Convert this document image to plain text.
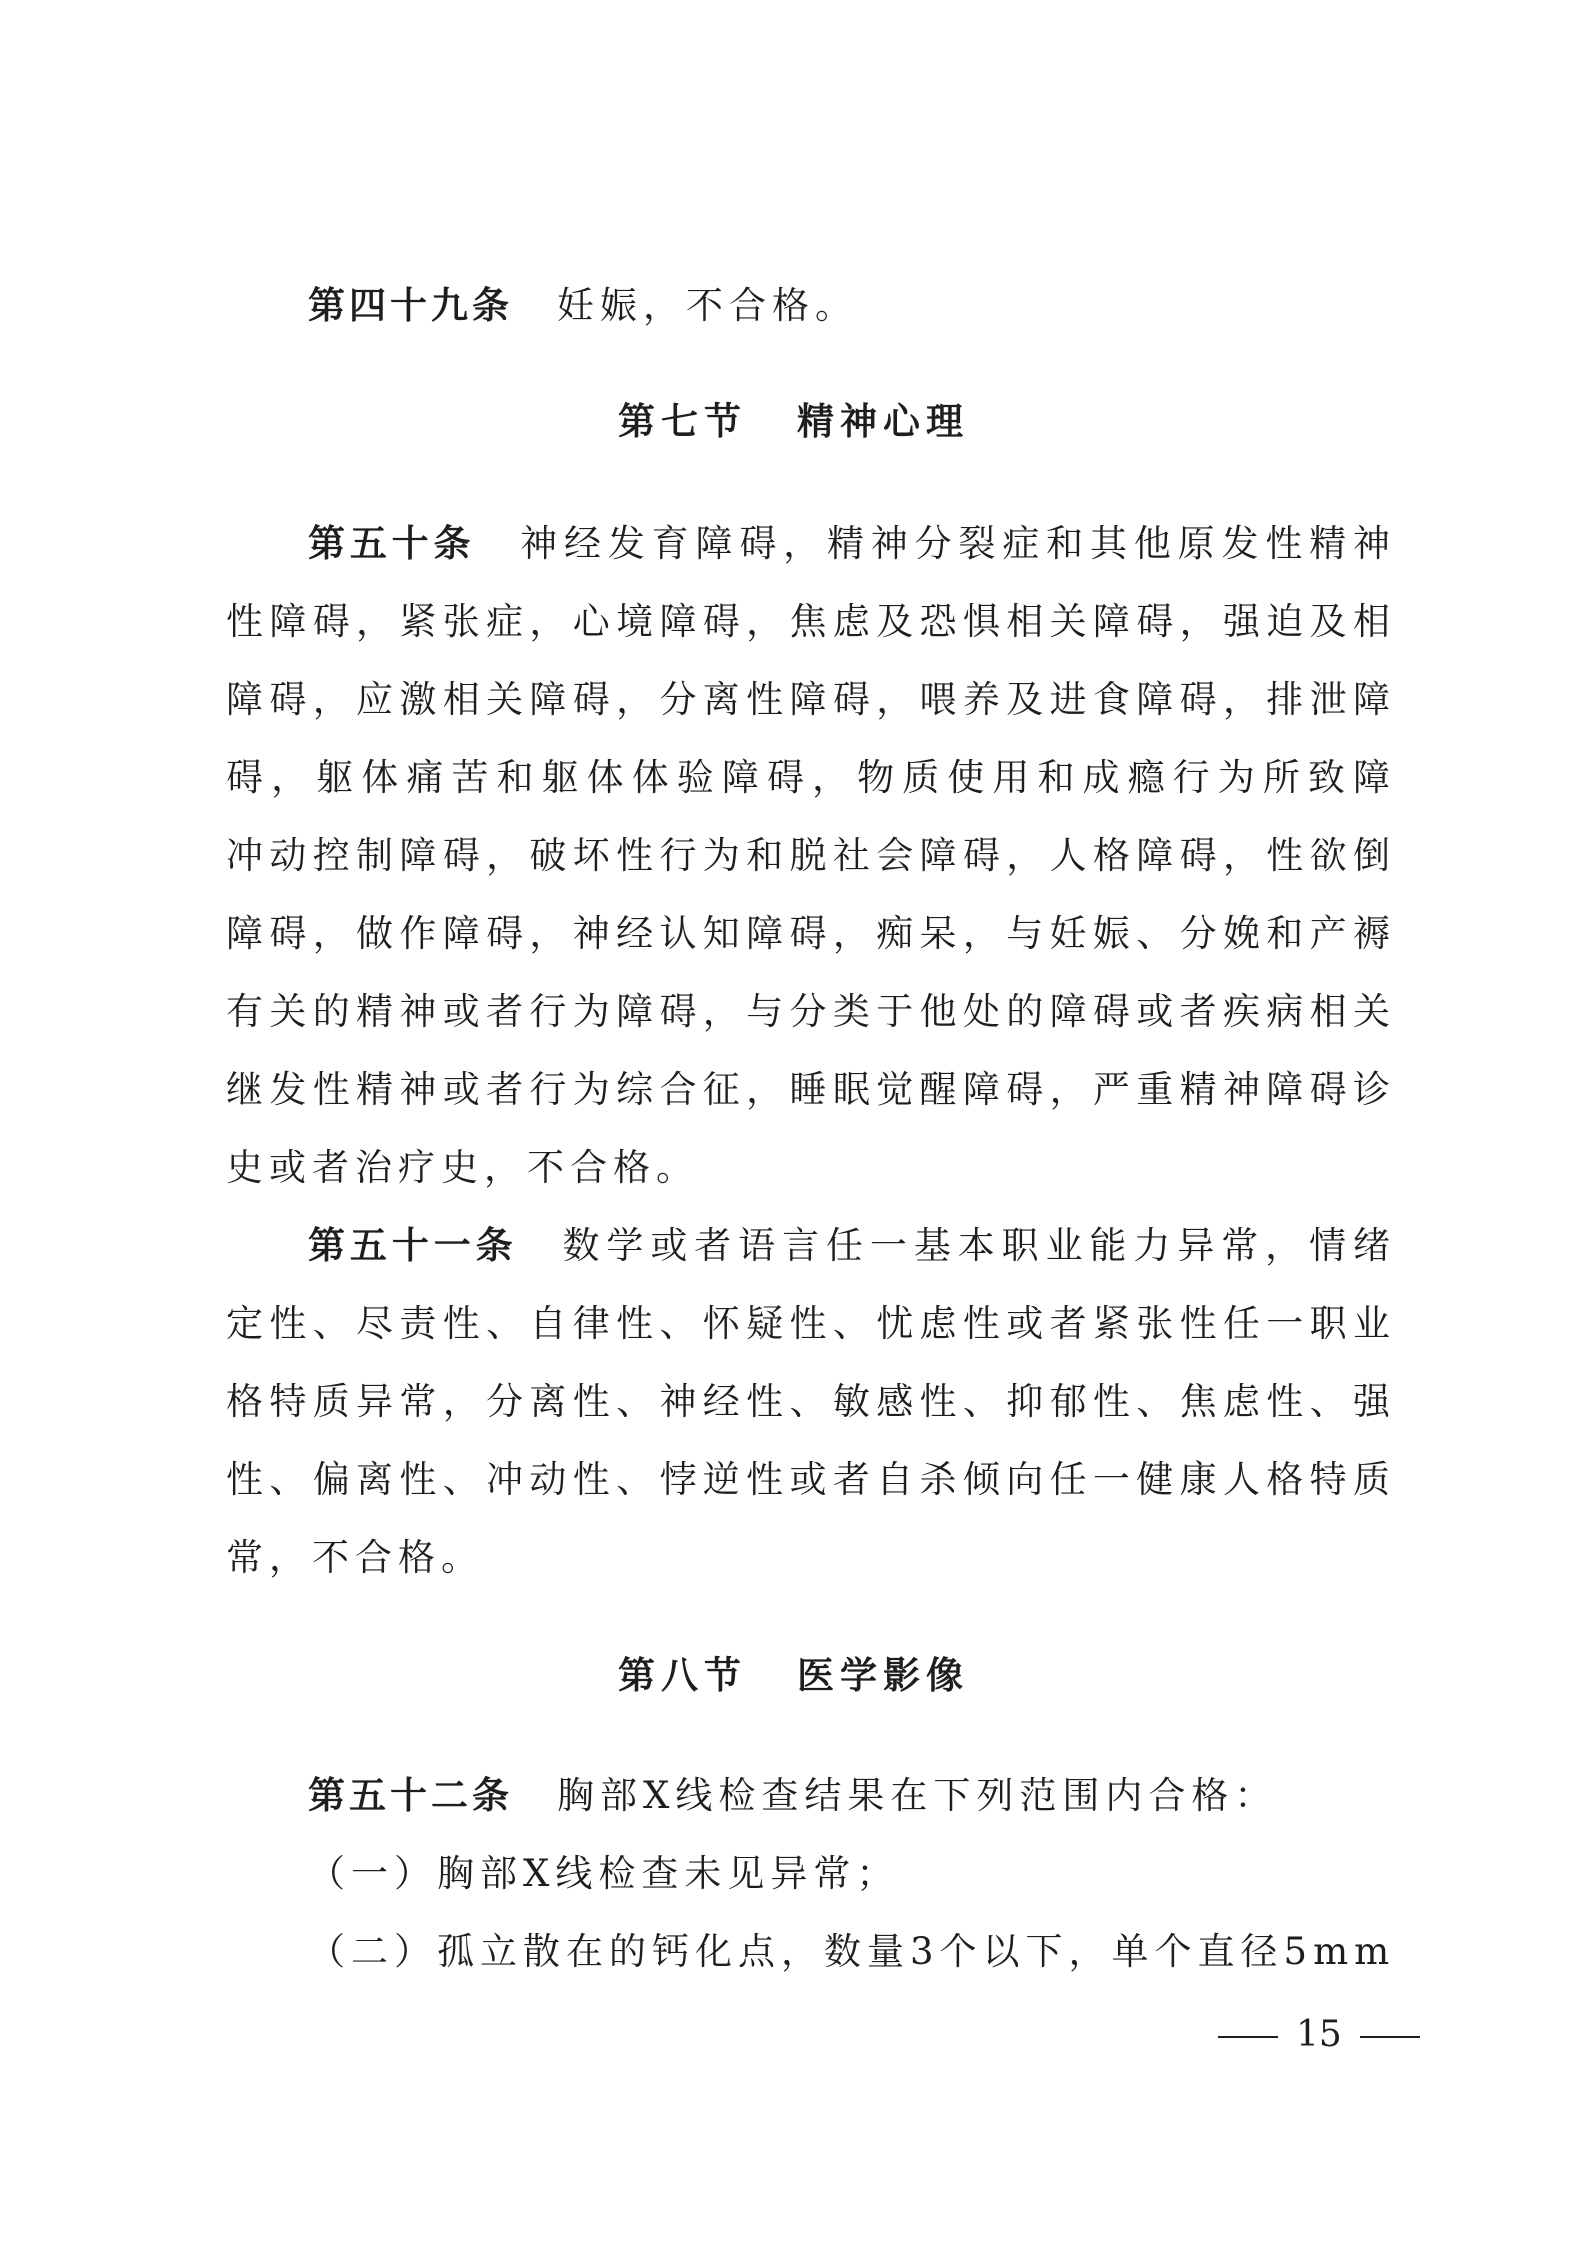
第四十九条 妊娠，不合格。
第七节 精神心理
第五十条 神经发育障碍，精神分裂症和其他原发性精神
性障碍，紧张症，心境障碍，焦虑及恐惧相关障碍，强迫及相
障碍，应激相关障碍，分离性障碍，喂养及进食障碍，排泄障
碍，躯体痛苦和躯体体验障碍，物质使用和成瘾行为所致障
冲动控制障碍，破坏性行为和脱社会障碍，人格障碍，性欲倒
障碍，做作障碍，神经认知障碍，痴呆，与妊娠、分娩和产褥
有关的精神或者行为障碍，与分类于他处的障碍或者疾病相关
继发性精神或者行为综合征，睡眠觉醒障碍，严重精神障碍诊
史或者治疗史，不合格。
第五十一条 数学或者语言任一基本职业能力异常，情绪
定性、尽责性、自律性、怀疑性、忧虑性或者紧张性任一职业
格特质异常，分离性、神经性、敏感性、抑郁性、焦虑性、强
性、偏离性、冲动性、悖逆性或者自杀倾向任一健康人格特质
常，不合格。
第八节 医学影像
第五十二条 胸部X线检查结果在下列范围内合格：
（一）胸部X线检查未见异常；
（二）孤立散在的钙化点，数量3个以下，单个直径5mm
15
